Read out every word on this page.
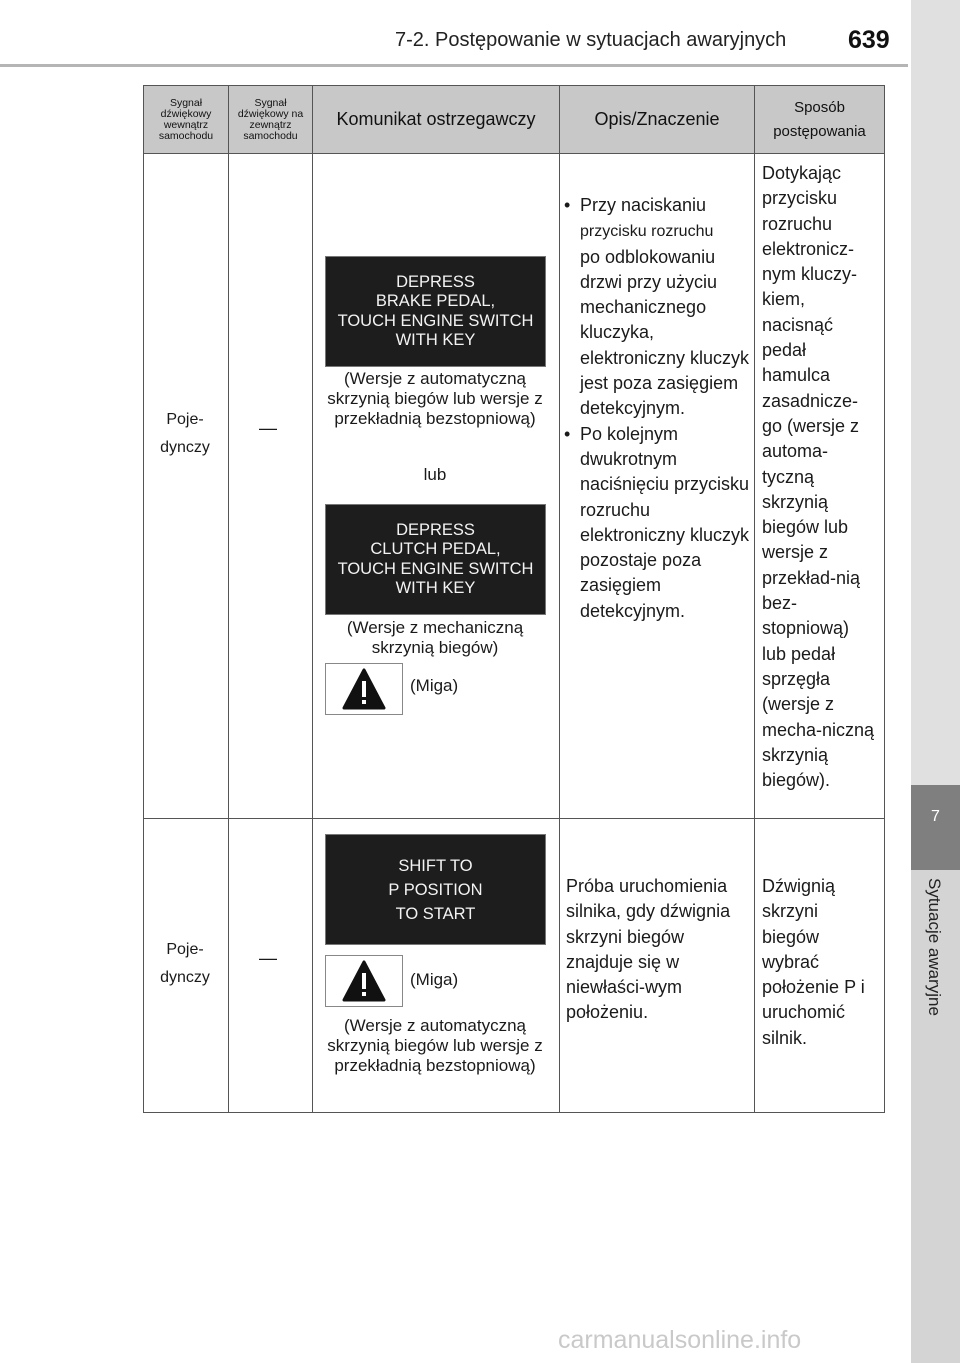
7-2. Postępowanie w sytuacjach awaryjnych 639
7
Sytuacje awaryjne
Sygnał dźwiękowy wewnątrz samochodu
Sygnał dźwiękowy na zewnątrz samochodu
Komunikat ostrzegawczy	Opis/Znaczenie
Sposób postępowania
Poje-
dynczy
—
DEPRESS
BRAKE PEDAL,
TOUCH ENGINE SWITCH
WITH KEY
(Wersje z automatyczną skrzynią biegów lub wersje z przekładnią bezstopniową)
lub
DEPRESS
CLUTCH PEDAL,
TOUCH ENGINE SWITCH
WITH KEY
(Wersje z mechaniczną skrzynią biegów)
(Miga)
• Przy naciskaniu
przycisku rozruchu
po odblokowaniu drzwi przy użyciu mechanicznego kluczyka, elektroniczny kluczyk jest poza zasięgiem detekcyjnym.
• Po kolejnym dwukrotnym naciśnięciu przycisku rozruchu elektroniczny kluczyk pozostaje poza zasięgiem detekcyjnym.
Dotykając przycisku rozruchu elektronicz-nym kluczy-kiem, nacisnąć pedał hamulca zasadnicze-go (wersje z automa-tyczną skrzynią biegów lub wersje z przekład-nią bez-stopniową) lub pedał sprzęgła (wersje z mecha-niczną skrzynią biegów).
Poje-
dynczy
—
SHIFT TO
P POSITION
TO START
(Miga)
(Wersje z automatyczną skrzynią biegów lub wersje z przekładnią bezstopniową)
Próba uruchomienia silnika, gdy dźwignia skrzyni biegów znajduje się w niewłaści-wym położeniu.
Dźwignią skrzyni biegów wybrać położenie P i uruchomić silnik.
carmanualsonline.info
